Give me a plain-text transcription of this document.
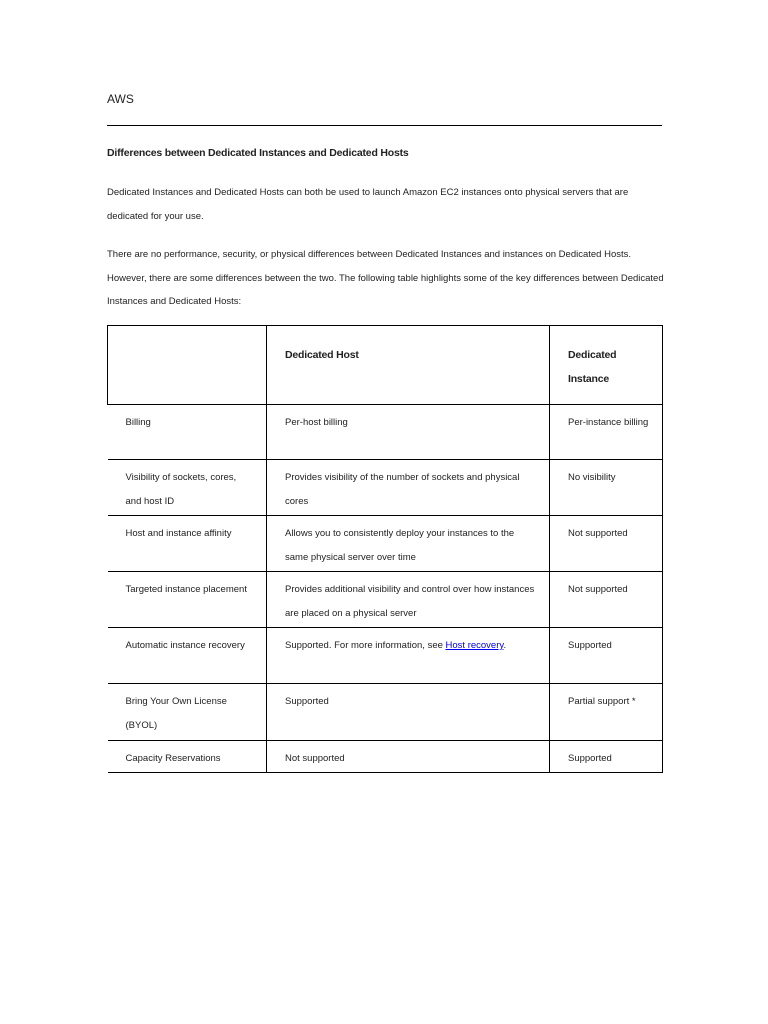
AWS

Differences between Dedicated Instances and Dedicated Hosts

Dedicated Instances and Dedicated Hosts can both be used to launch Amazon EC2 instances onto physical servers that are dedicated for your use.

There are no performance, security, or physical differences between Dedicated Instances and instances on Dedicated Hosts. However, there are some differences between the two. The following table highlights some of the key differences between Dedicated Instances and Dedicated Hosts:

	Dedicated Host	Dedicated Instance
Billing	Per-host billing	Per-instance billing
Visibility of sockets, cores, and host ID	Provides visibility of the number of sockets and physical cores	No visibility
Host and instance affinity	Allows you to consistently deploy your instances to the same physical server over time	Not supported
Targeted instance placement	Provides additional visibility and control over how instances are placed on a physical server	Not supported
Automatic instance recovery	Supported. For more information, see Host recovery.	Supported
Bring Your Own License (BYOL)	Supported	Partial support *
Capacity Reservations	Not supported	Supported
